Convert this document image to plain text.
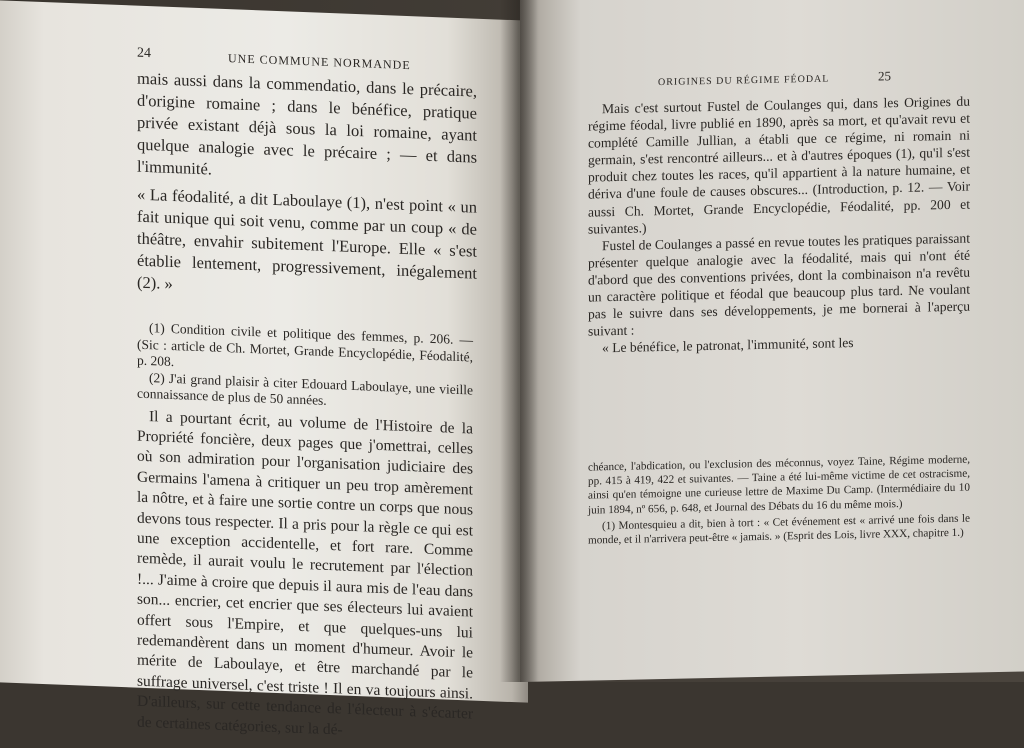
24	UNE COMMUNE NORMANDE

mais aussi dans la commendatio, dans le précaire, d'origine romaine ; dans le bénéfice, pratique privée existant déjà sous la loi romaine, ayant quelque analogie avec le précaire ; — et dans l'immunité.

« La féodalité, a dit Laboulaye (1), n'est point « un fait unique qui soit venu, comme par un coup « de théâtre, envahir subitement l'Europe. Elle « s'est établie lentement, progressivement, inégalement (2). »

(1) Condition civile et politique des femmes, p. 206. — (Sic : article de Ch. Mortet, Grande Encyclopédie, Féodalité, p. 208.

(2) J'ai grand plaisir à citer Edouard Laboulaye, une vieille connaissance de plus de 50 années.

Il a pourtant écrit, au volume de l'Histoire de la Propriété foncière, deux pages que j'omettrai, celles où son admiration pour l'organisation judiciaire des Germains l'amena à critiquer un peu trop amèrement la nôtre, et à faire une sortie contre un corps que nous devons tous respecter. Il a pris pour la règle ce qui est une exception accidentelle, et fort rare. Comme remède, il aurait voulu le recrutement par l'élection !... J'aime à croire que depuis il aura mis de l'eau dans son... encrier, cet encrier que ses électeurs lui avaient offert sous l'Empire, et que quelques-uns lui redemandèrent dans un moment d'humeur. Avoir le mérite de Laboulaye, et être marchandé par le suffrage universel, c'est triste ! Il en va toujours ainsi. D'ailleurs, sur cette tendance de l'électeur à s'écarter de certaines catégories, sur la dé-

ORIGINES DU RÉGIME FÉODAL	25

Mais c'est surtout Fustel de Coulanges qui, dans les Origines du régime féodal, livre publié en 1890, après sa mort, et qu'avait revu et complété Camille Jullian, a établi que ce régime, ni romain ni germain, s'est rencontré ailleurs... et à d'autres époques (1), qu'il s'est produit chez toutes les races, qu'il appartient à la nature humaine, et dériva d'une foule de causes obscures... (Introduction, p. 12. — Voir aussi Ch. Mortet, Grande Encyclopédie, Féodalité, pp. 200 et suivantes.)

Fustel de Coulanges a passé en revue toutes les pratiques paraissant présenter quelque analogie avec la féodalité, mais qui n'ont été d'abord que des conventions privées, dont la combinaison n'a revêtu un caractère politique et féodal que beaucoup plus tard. Ne voulant pas le suivre dans ses développements, je me bornerai à l'aperçu suivant :

« Le bénéfice, le patronat, l'immunité, sont les

chéance, l'abdication, ou l'exclusion des méconnus, voyez Taine, Régime moderne, pp. 415 à 419, 422 et suivantes. — Taine a été lui-même victime de cet ostracisme, ainsi qu'en témoigne une curieuse lettre de Maxime Du Camp. (Intermédiaire du 10 juin 1894, nº 656, p. 648, et Journal des Débats du 16 du même mois.)

(1) Montesquieu a dit, bien à tort : « Cet événement est « arrivé une fois dans le monde, et il n'arrivera peut-être « jamais. » (Esprit des Lois, livre XXX, chapitre 1.)
